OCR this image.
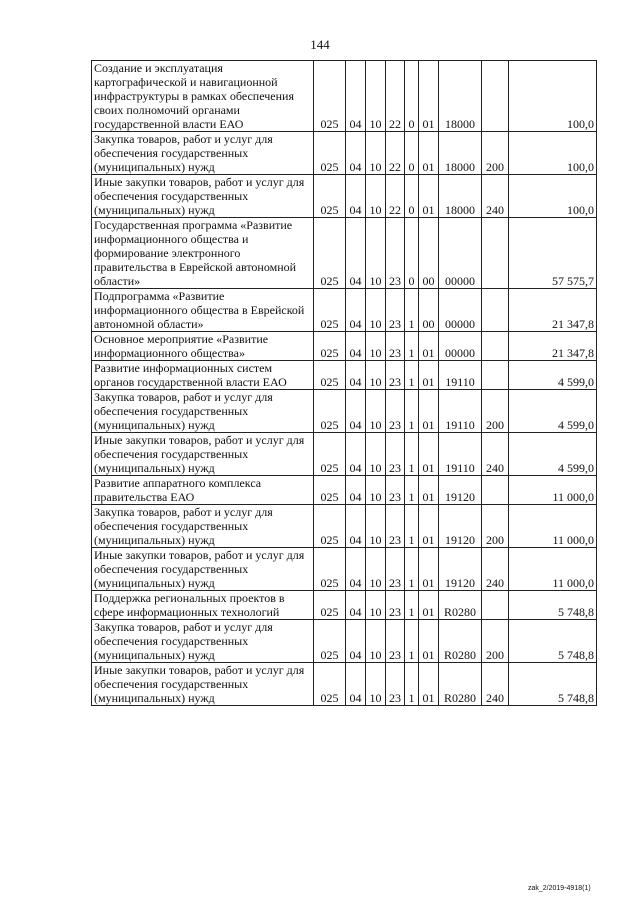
144
Создание и эксплуатация картографической и навигационной инфраструктуры в рамках обеспечения своих полномочий органами государственной власти ЕАО	025	04	10	22	0	01	18000		100,0
Закупка товаров, работ и услуг для обеспечения государственных (муниципальных) нужд	025	04	10	22	0	01	18000	200	100,0
Иные закупки товаров, работ и услуг для обеспечения государственных (муниципальных) нужд	025	04	10	22	0	01	18000	240	100,0
Государственная программа «Развитие информационного общества и формирование электронного правительства в Еврейской автономной области»	025	04	10	23	0	00	00000		57 575,7
Подпрограмма «Развитие информационного общества в Еврейской автономной области»	025	04	10	23	1	00	00000		21 347,8
Основное мероприятие «Развитие информационного общества»	025	04	10	23	1	01	00000		21 347,8
Развитие информационных систем органов государственной власти ЕАО	025	04	10	23	1	01	19110		4 599,0
Закупка товаров, работ и услуг для обеспечения государственных (муниципальных) нужд	025	04	10	23	1	01	19110	200	4 599,0
Иные закупки товаров, работ и услуг для обеспечения государственных (муниципальных) нужд	025	04	10	23	1	01	19110	240	4 599,0
Развитие аппаратного комплекса правительства ЕАО	025	04	10	23	1	01	19120		11 000,0
Закупка товаров, работ и услуг для обеспечения государственных (муниципальных) нужд	025	04	10	23	1	01	19120	200	11 000,0
Иные закупки товаров, работ и услуг для обеспечения государственных (муниципальных) нужд	025	04	10	23	1	01	19120	240	11 000,0
Поддержка региональных проектов в сфере информационных технологий	025	04	10	23	1	01	R0280		5 748,8
Закупка товаров, работ и услуг для обеспечения государственных (муниципальных) нужд	025	04	10	23	1	01	R0280	200	5 748,8
Иные закупки товаров, работ и услуг для обеспечения государственных (муниципальных) нужд	025	04	10	23	1	01	R0280	240	5 748,8
zak_2/2019-4918(1)
